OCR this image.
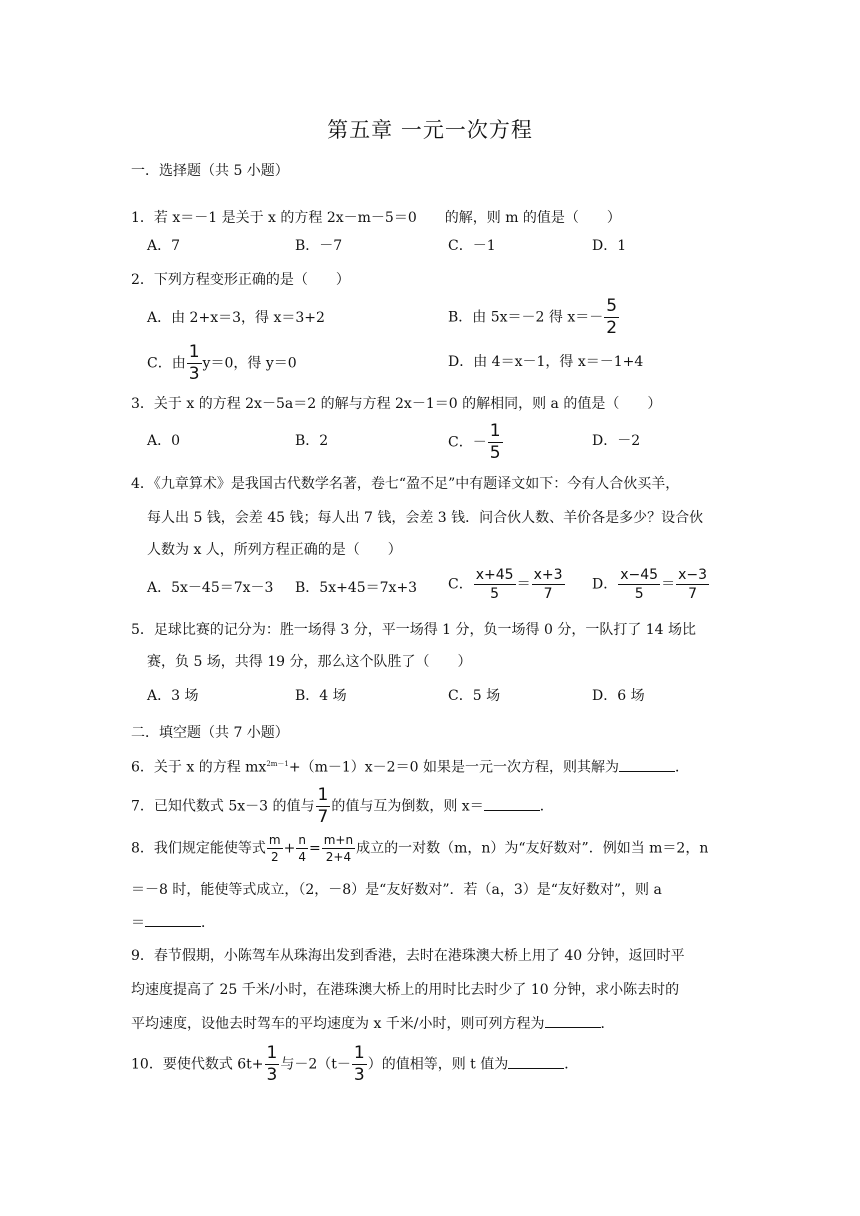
第五章 一元一次方程
一．选择题（共 5 小题）
1．若 x＝－1 是关于 x 的方程 2x－m－5＝0　　的解，则 m 的值是（　　）
A．7	B．－7	C．－1	D．1
2．下列方程变形正确的是（　　）
A．由 2+x＝3，得 x＝3+2	B．由 5x＝－2 得 $x=- \frac{5}{2}$
C．由 $\frac{1}{3} y=0$，得 y＝0	D．由 4＝x－1，得 x＝－1+4
3．关于 x 的方程 2x－5a＝2 的解与方程 2x－1＝0 的解相同，则 a 的值是（　　）
A．0	B．2	C．－ $\frac{1}{5}$	D．－2
4．《九章算术》是我国古代数学名著，卷七“盈不足”中有题译文如下：今有人合伙买羊，
每人出 5 钱，会差 45 钱；每人出 7 钱，会差 3 钱．问合伙人数、羊价各是多少？设合伙
人数为 x 人，所列方程正确的是（　　）
A．5x－45＝7x－3 B．5x+45＝7x+3 C． $\frac{x+45}{5} = \frac{x+3}{7}$ D． $\frac{x-45}{5} = \frac{x-3}{7}$
5．足球比赛的记分为：胜一场得 3 分，平一场得 1 分，负一场得 0 分，一队打了 14 场比
赛，负 5 场，共得 19 分，那么这个队胜了（　　）
A．3 场	B．4 场	C．5 场	D．6 场
二．填空题（共 7 小题）
6．关于 x 的方程 $mx^{2m-1}+(m-1)x-2=0$ 如果是一元一次方程，则其解为	．
7．已知代数式 5x－3 的值与 $\frac{1}{7}$ 的值与互为倒数，则 x＝	．
8．我们规定能使等式 $\frac{m}{2} + \frac{n}{4} = \frac{m+n}{2+4}$ 成立的一对数（m，n）为“友好数对”．例如当 m＝2，n
＝－8 时，能使等式成立，（2，－8）是“友好数对”．若（a，3）是“友好数对”，则 a
＝	．
9．春节假期，小陈驾车从珠海出发到香港，去时在港珠澳大桥上用了 40 分钟，返回时平
均速度提高了 25 千米/小时，在港珠澳大桥上的用时比去时少了 10 分钟，求小陈去时的
平均速度，设他去时驾车的平均速度为 x 千米/小时，则可列方程为	．
10．要使代数式 $6t+ \frac{1}{3}$ 与$-2(t- \frac{1}{3}$ ）的值相等，则 t 值为	．
